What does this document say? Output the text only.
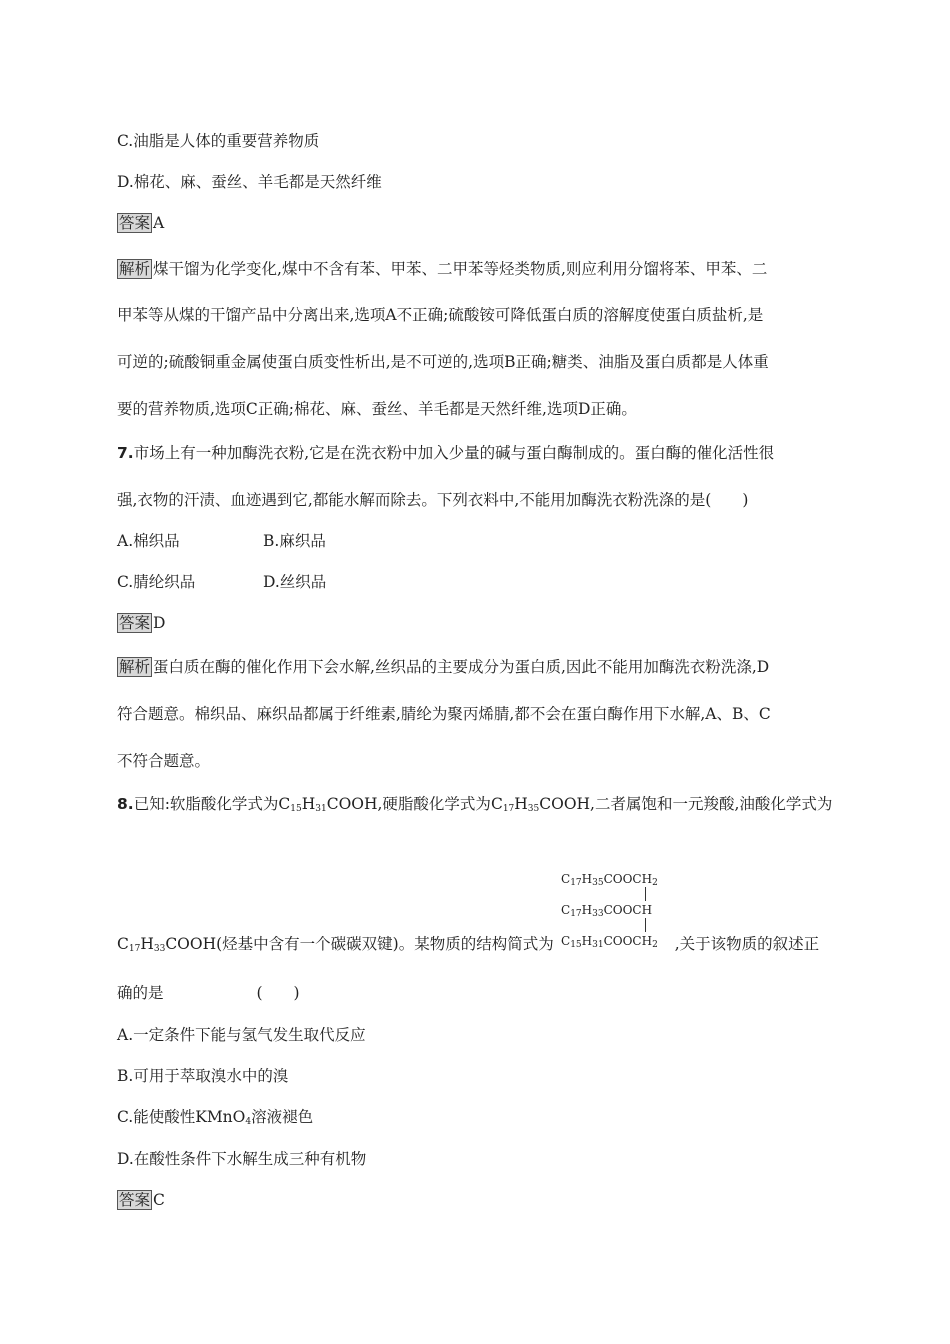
C.油脂是人体的重要营养物质
D.棉花、麻、蚕丝、羊毛都是天然纤维
答案 A
解析 煤干馏为化学变化,煤中不含有苯、甲苯、二甲苯等烃类物质,则应利用分馏将苯、甲苯、二
甲苯等从煤的干馏产品中分离出来,选项A不正确;硫酸铵可降低蛋白质的溶解度使蛋白质盐析,是
可逆的;硫酸铜重金属使蛋白质变性析出,是不可逆的,选项B正确;糖类、油脂及蛋白质都是人体重
要的营养物质,选项C正确;棉花、麻、蚕丝、羊毛都是天然纤维,选项D正确。
7.市场上有一种加酶洗衣粉,它是在洗衣粉中加入少量的碱与蛋白酶制成的。蛋白酶的催化活性很
强,衣物的汗渍、血迹遇到它,都能水解而除去。下列衣料中,不能用加酶洗衣粉洗涤的是(　　)
A.棉织品	B.麻织品
C.腈纶织品	D.丝织品
答案 D
解析 蛋白质在酶的催化作用下会水解,丝织品的主要成分为蛋白质,因此不能用加酶洗衣粉洗涤,D
符合题意。棉织品、麻织品都属于纤维素,腈纶为聚丙烯腈,都不会在蛋白酶作用下水解,A、B、C
不符合题意。
8.已知:软脂酸化学式为$C_{15}H_{31}COOH$,硬脂酸化学式为$C_{17}H_{35}COOH$,二者属饱和一元羧酸,油酸化学式为
$C_{17}H_{35}COOCH_2$
$C_{17}H_{33}COOCH$
$C_{15}H_{31}COOCH_2$
$C_{17}H_{33}COOH$(烃基中含有一个碳碳双键)。某物质的结构简式为	,关于该物质的叙述正
确的是　　　　　　(　　)
A.一定条件下能与氢气发生取代反应
B.可用于萃取溴水中的溴
C.能使酸性KMnO$_4$溶液褪色
D.在酸性条件下水解生成三种有机物
答案 C
